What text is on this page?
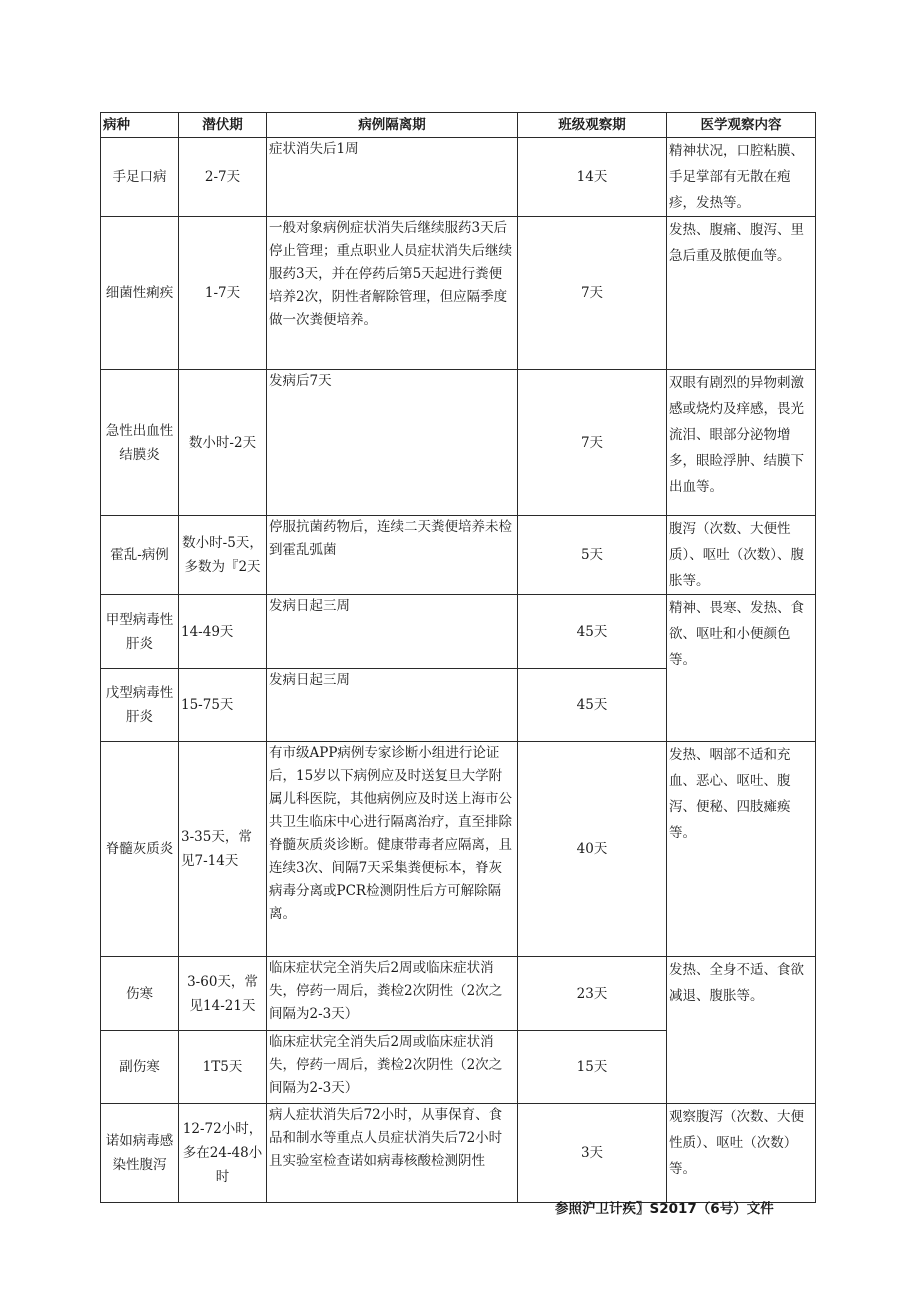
病种	潜伏期	病例隔离期	班级观察期	医学观察内容
手足口病	2-7天	症状消失后1周	14天	精神状况，口腔粘膜、手足掌部有无散在疱疹，发热等。
细菌性痢疾	1-7天	一般对象病例症状消失后继续服药3天后停止管理；重点职业人员症状消失后继续服药3天，并在停药后第5天起进行粪便培养2次，阴性者解除管理，但应隔季度做一次粪便培养。	7天	发热、腹痛、腹泻、里急后重及脓便血等。
急性出血性结膜炎	数小时-2天	发病后7天	7天	双眼有剧烈的异物刺激感或烧灼及痒感，畏光流泪、眼部分泌物增多，眼睑浮肿、结膜下出血等。
霍乱-病例	数小时-5天，多数为『2天	停服抗菌药物后，连续二天粪便培养未检到霍乱弧菌	5天	腹泻（次数、大便性质）、呕吐（次数）、腹胀等。
甲型病毒性肝炎	14-49天	发病日起三周	45天	精神、畏寒、发热、食欲、呕吐和小便颜色等。
戊型病毒性肝炎	15-75天	发病日起三周	45天	
脊髓灰质炎	3-35天，常见7-14天	有市级APP病例专家诊断小组进行论证后，15岁以下病例应及时送复旦大学附属儿科医院，其他病例应及时送上海市公共卫生临床中心进行隔离治疗，直至排除脊髓灰质炎诊断。健康带毒者应隔离，且连续3次、间隔7天采集粪便标本，脊灰病毒分离或PCR检测阴性后方可解除隔离。	40天	发热、咽部不适和充血、恶心、呕吐、腹泻、便秘、四肢瘫痪等。
伤寒	3-60天，常见14-21天	临床症状完全消失后2周或临床症状消失，停药一周后，粪检2次阴性（2次之间隔为2-3天）	23天	发热、全身不适、食欲减退、腹胀等。
副伤寒	1T5天	临床症状完全消失后2周或临床症状消失，停药一周后，粪检2次阴性（2次之间隔为2-3天）	15天	
诺如病毒感染性腹泻	12-72小时，多在24-48小时	病人症状消失后72小时，从事保育、食品和制水等重点人员症状消失后72小时且实验室检查诺如病毒核酸检测阴性	3天	观察腹泻（次数、大便性质）、呕吐（次数）等。
参照沪卫计疾〗S2017（6号）文件
